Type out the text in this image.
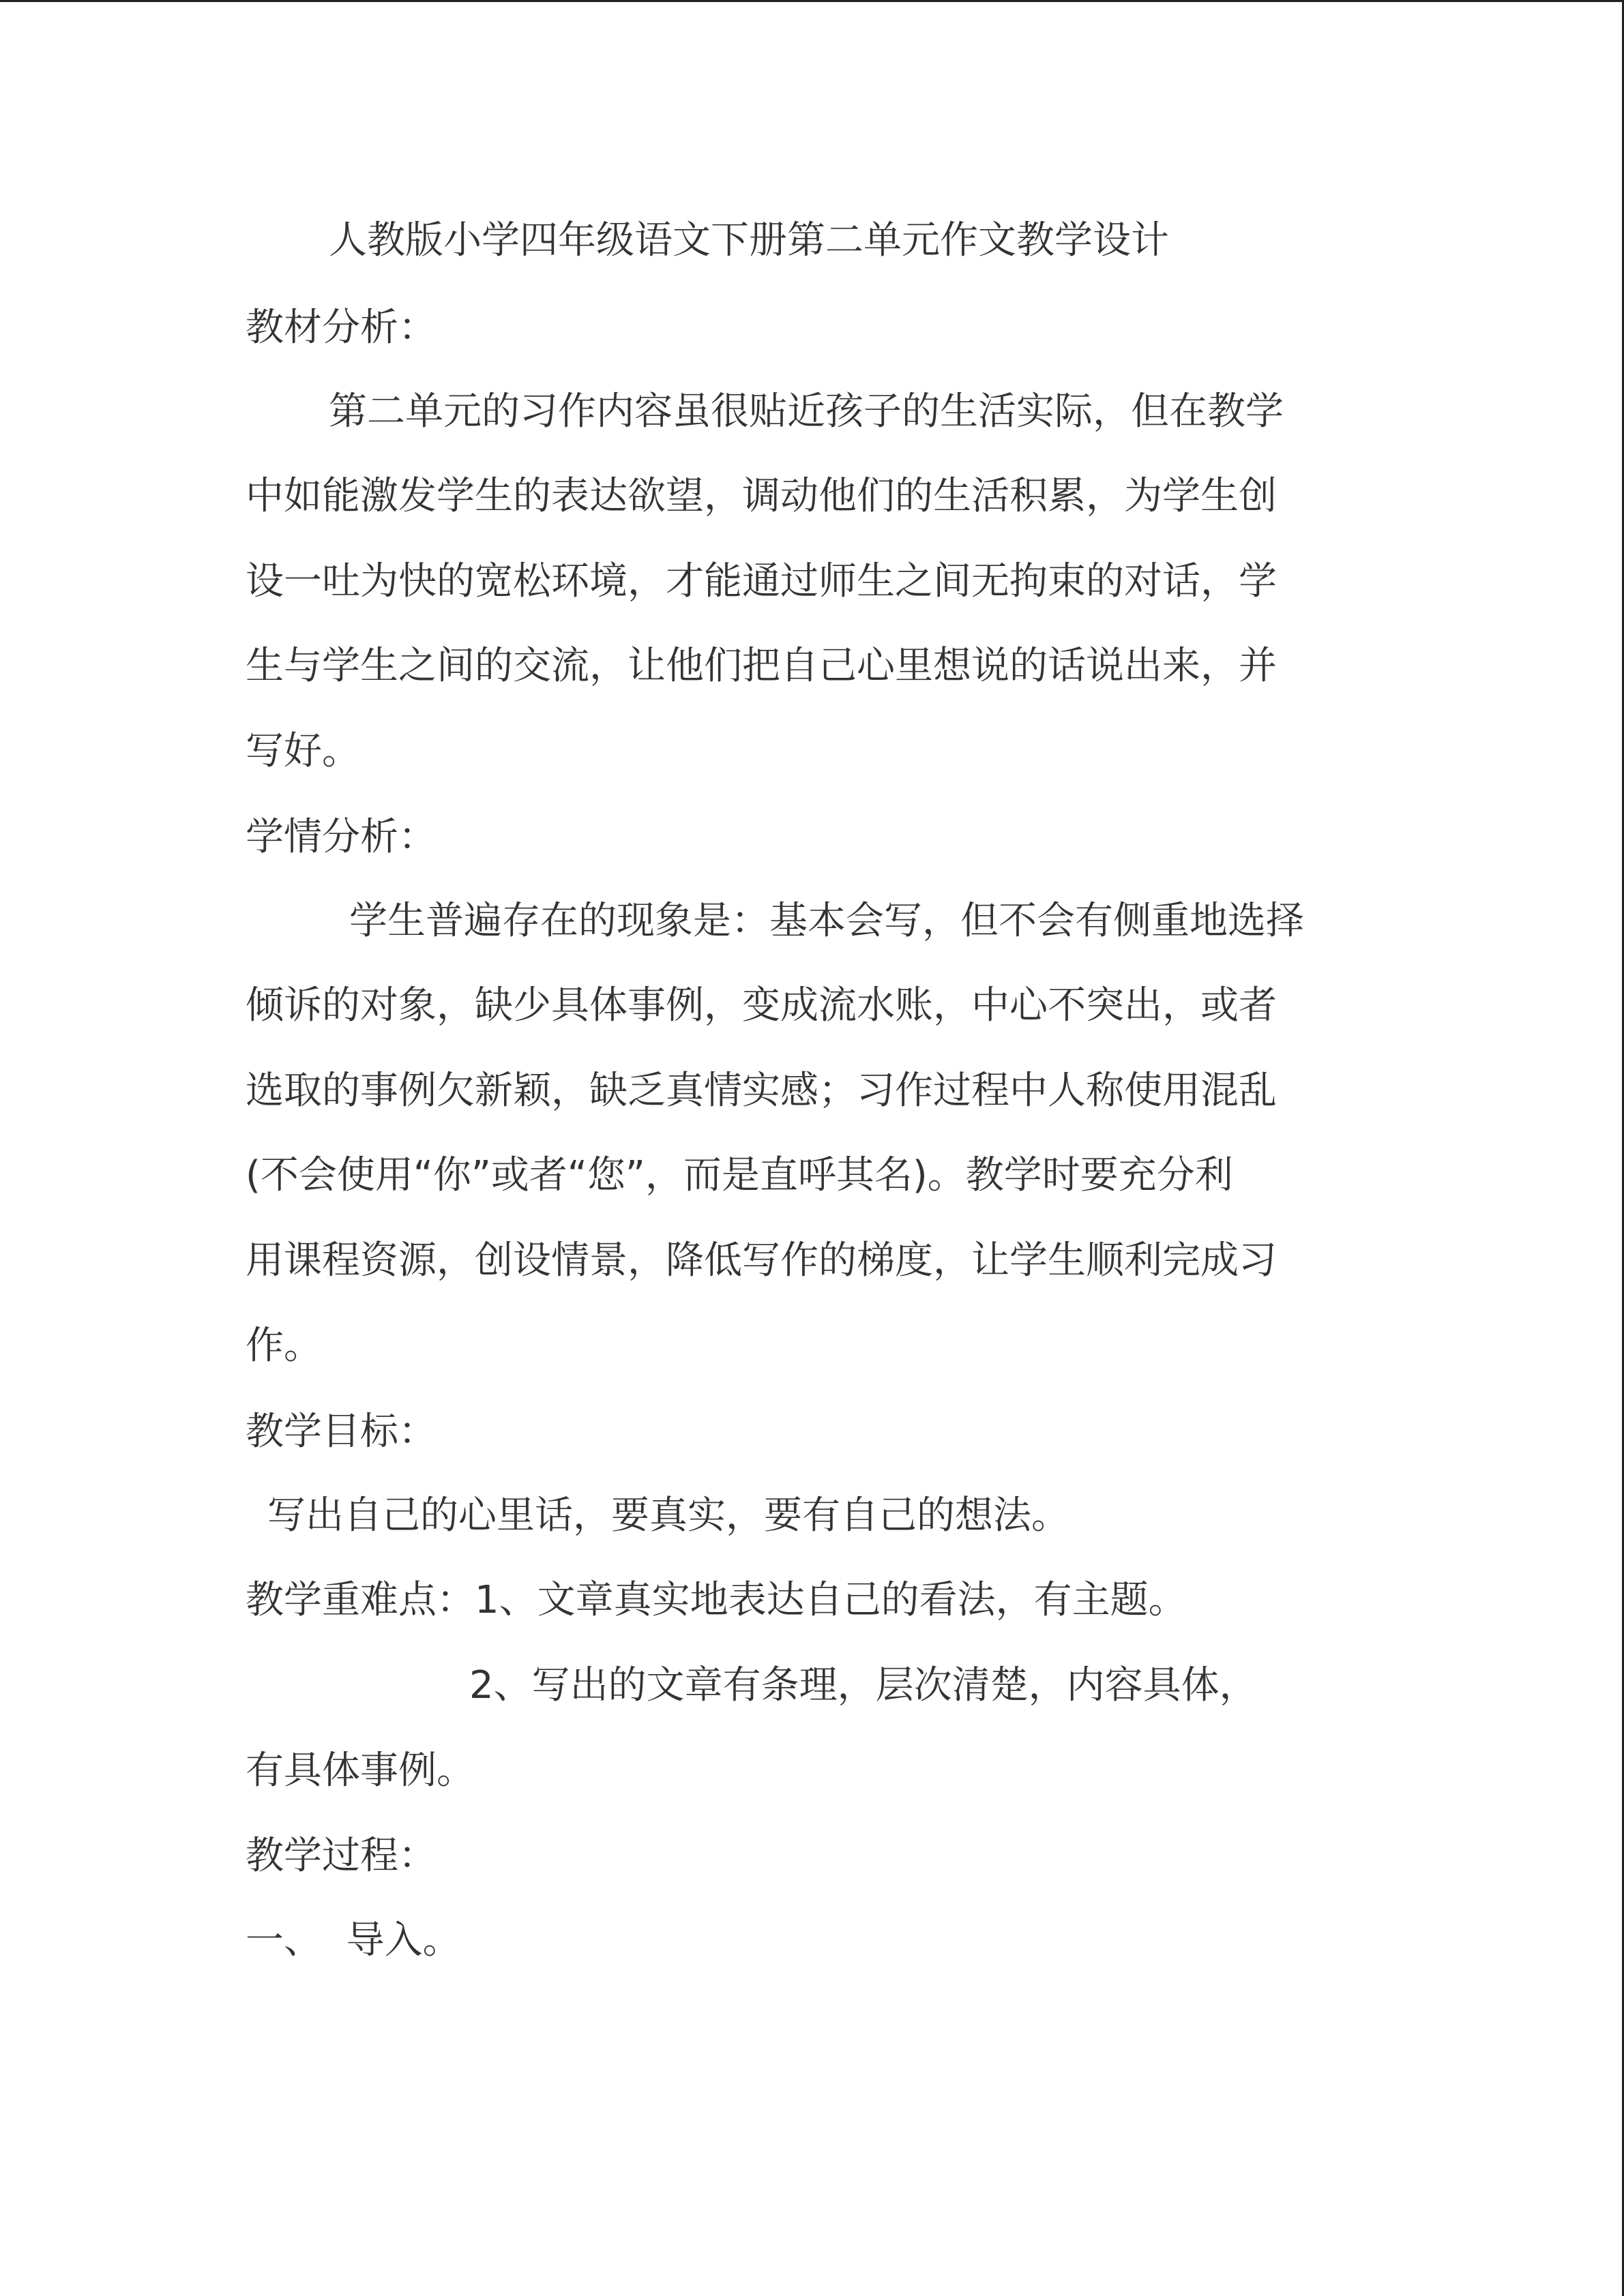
人教版小学四年级语文下册第二单元作文教学设计
教材分析：
第二单元的习作内容虽很贴近孩子的生活实际，但在教学
中如能激发学生的表达欲望，调动他们的生活积累，为学生创
设一吐为快的宽松环境，才能通过师生之间无拘束的对话，学
生与学生之间的交流，让他们把自己心里想说的话说出来，并
写好。
学情分析：
学生普遍存在的现象是：基本会写，但不会有侧重地选择
倾诉的对象，缺少具体事例，变成流水账，中心不突出，或者
选取的事例欠新颖，缺乏真情实感；习作过程中人称使用混乱
(不会使用“你”或者“您”，而是直呼其名)。教学时要充分利
用课程资源，创设情景，降低写作的梯度，让学生顺利完成习
作。
教学目标：
写出自己的心里话，要真实，要有自己的想法。
教学重难点：1、文章真实地表达自己的看法，有主题。
2、写出的文章有条理，层次清楚，内容具体，
有具体事例。
教学过程：
一、  导入。
